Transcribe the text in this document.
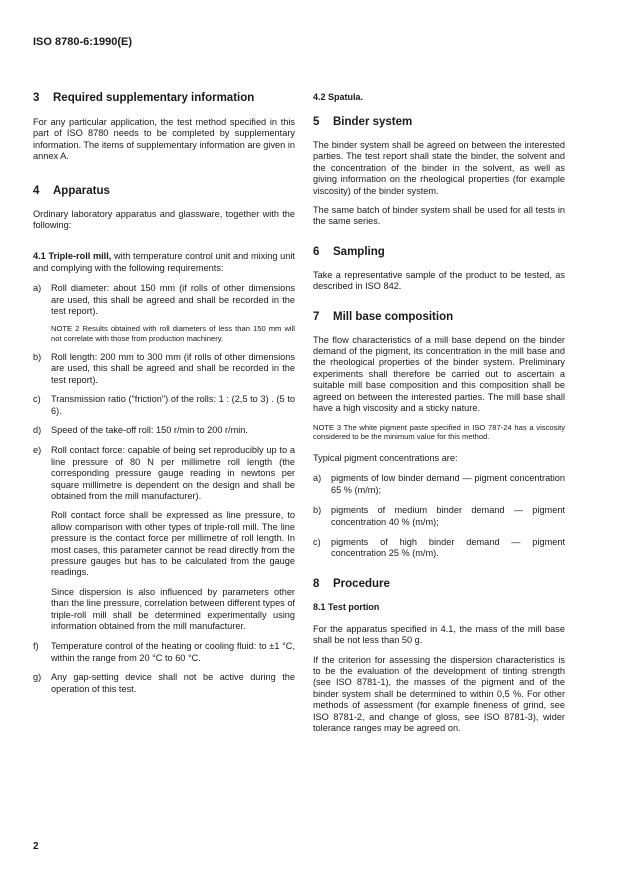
ISO 8780-6:1990(E)
3 Required supplementary information

For any particular application, the test method specified in this part of ISO 8780 needs to be completed by supplementary information. The items of supplementary information are given in annex A.

4 Apparatus

Ordinary laboratory apparatus and glassware, together with the following:

4.1 Triple-roll mill, with temperature control unit and mixing unit and complying with the following requirements:

a)	Roll diameter: about 150 mm (if rolls of other dimensions are used, this shall be agreed and shall be recorded in the test report).

NOTE 2 Results obtained with roll diameters of less than 150 mm will not correlate with those from production machinery.

b)	Roll length: 200 mm to 300 mm (if rolls of other dimensions are used, this shall be agreed and shall be recorded in the test report).
c)	Transmission ratio ("friction") of the rolls: 1 : (2,5 to 3) . (5 to 6).
d)	Speed of the take-off roll: 150 r/min to 200 r/min.
e)	Roll contact force: capable of being set reproducibly up to a line pressure of 80 N per millimetre roll length (the corresponding pressure gauge reading in newtons per square millimetre is dependent on the design and shall be obtained from the mill manufacturer).

Roll contact force shall be expressed as line pressure, to allow comparison with other types of triple-roll mill. The line pressure is the contact force per millimetre of roll length. In most cases, this parameter cannot be read directly from the pressure gauges but has to be calculated from the gauge readings.

Since dispersion is also influenced by parameters other than the line pressure, correlation between different types of triple-roll mill shall be determined experimentally using information obtained from the mill manufacturer.

f)	Temperature control of the heating or cooling fluid: to ±1 °C, within the range from 20 °C to 60 °C.
g)	Any gap-setting device shall not be active during the operation of this test.
4.2 Spatula.
5 Binder system

The binder system shall be agreed on between the interested parties. The test report shall state the binder, the solvent and the concentration of the binder in the solvent, as well as giving information on the rheological properties (for example viscosity) of the binder system.

The same batch of binder system shall be used for all tests in the same series.

6 Sampling

Take a representative sample of the product to be tested, as described in ISO 842.

7 Mill base composition

The flow characteristics of a mill base depend on the binder demand of the pigment, its concentration in the mill base and the rheological properties of the binder system. Preliminary experiments shall therefore be carried out to ascertain a suitable mill base composition and this composition shall be agreed on between the interested parties. The mill base shall have a high viscosity and a sticky nature.

NOTE 3 The white pigment paste specified in ISO 787-24 has a viscosity considered to be the minimum value for this method.

Typical pigment concentrations are:

a)	pigments of low binder demand — pigment concentration 65 % (m/m);
b)	pigments of medium binder demand — pigment concentration 40 % (m/m);
c)	pigments of high binder demand — pigment concentration 25 % (m/m).
8 Procedure
8.1 Test portion

For the apparatus specified in 4.1, the mass of the mill base shall be not less than 50 g.

If the criterion for assessing the dispersion characteristics is to be the evaluation of the development of tinting strength (see ISO 8781-1), the masses of the pigment and of the binder system shall be determined to within 0,5 %. For other methods of assessment (for example fineness of grind, see ISO 8781-2, and change of gloss, see ISO 8781-3), wider tolerance ranges may be agreed on.

2
